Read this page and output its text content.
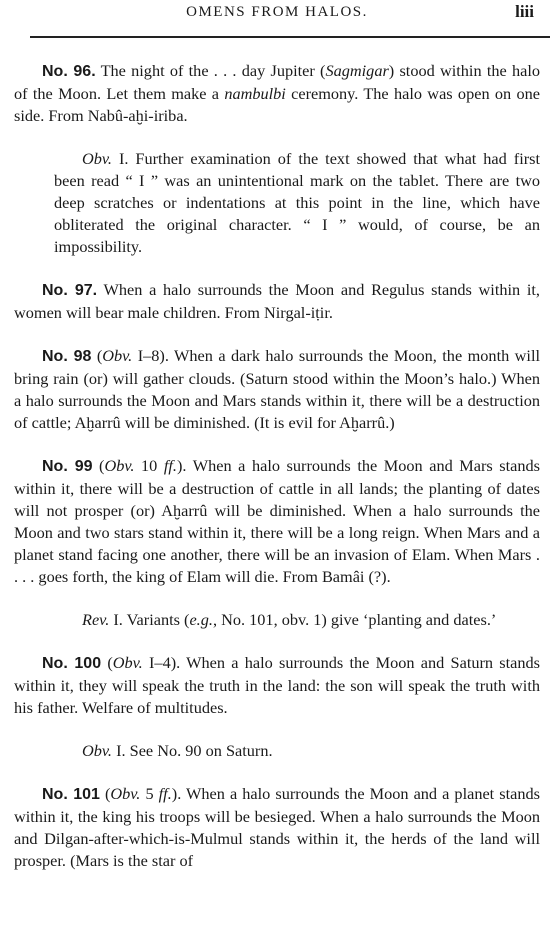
OMENS FROM HALOS.	liii

No. 96. The night of the . . . day Jupiter (Sagmigar) stood within the halo of the Moon. Let them make a nambulbi ceremony. The halo was open on one side. From Nabû-aḫi-iriba.

Obv. I. Further examination of the text showed that what had first been read “ I ” was an unintentional mark on the tablet. There are two deep scratches or indentations at this point in the line, which have obliterated the original character. “ I ” would, of course, be an impossibility.

No. 97. When a halo surrounds the Moon and Regulus stands within it, women will bear male children. From Nirgal-iṭir.

No. 98 (Obv. I–8). When a dark halo surrounds the Moon, the month will bring rain (or) will gather clouds. (Saturn stood within the Moon’s halo.) When a halo surrounds the Moon and Mars stands within it, there will be a destruction of cattle; Aḫarrû will be diminished. (It is evil for Aḫarrû.)

No. 99 (Obv. 10 ff.). When a halo surrounds the Moon and Mars stands within it, there will be a destruction of cattle in all lands; the planting of dates will not prosper (or) Aḫarrû will be diminished. When a halo surrounds the Moon and two stars stand within it, there will be a long reign. When Mars and a planet stand facing one another, there will be an invasion of Elam. When Mars . . . . goes forth, the king of Elam will die. From Bamâi (?).

Rev. I. Variants (e.g., No. 101, obv. 1) give ‘planting and dates.’

No. 100 (Obv. I–4). When a halo surrounds the Moon and Saturn stands within it, they will speak the truth in the land: the son will speak the truth with his father. Welfare of multitudes.

Obv. I. See No. 90 on Saturn.

No. 101 (Obv. 5 ff.). When a halo surrounds the Moon and a planet stands within it, the king his troops will be besieged. When a halo surrounds the Moon and Dilgan-after-which-is-Mulmul stands within it, the herds of the land will prosper. (Mars is the star of
